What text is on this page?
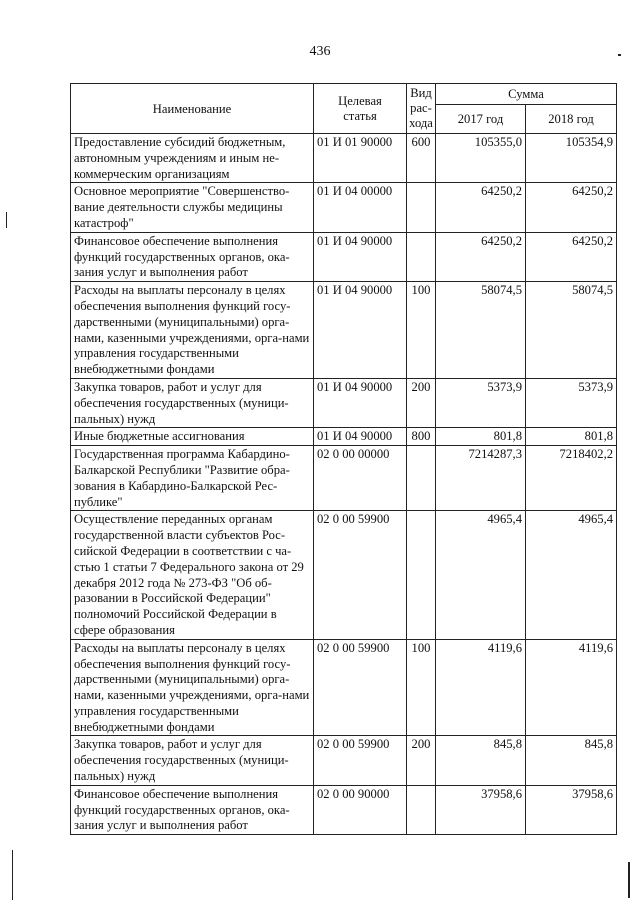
436
Наименование	Целевая статья	Вид рас-хода	Сумма	
			2017 год	2018 год
Предоставление субсидий бюджетным, автономным учреждениям и иным не-коммерческим организациям	01 И 01 90000	600	105355,0	105354,9
Основное мероприятие "Совершенство-вание деятельности службы медицины катастроф"	01 И 04 00000		64250,2	64250,2
Финансовое обеспечение выполнения функций государственных органов, ока-зания услуг и выполнения работ	01 И 04 90000		64250,2	64250,2
Расходы на выплаты персоналу в целях обеспечения выполнения функций госу-дарственными (муниципальными) орга-нами, казенными учреждениями, орга-нами управления государственными внебюджетными фондами	01 И 04 90000	100	58074,5	58074,5
Закупка товаров, работ и услуг для обеспечения государственных (муници-пальных) нужд	01 И 04 90000	200	5373,9	5373,9
Иные бюджетные ассигнования	01 И 04 90000	800	801,8	801,8
Государственная программа Кабардино-Балкарской Республики "Развитие обра-зования в Кабардино-Балкарской Рес-публике"	02 0 00 00000		7214287,3	7218402,2
Осуществление переданных органам государственной власти субъектов Рос-сийской Федерации в соответствии с ча-стью 1 статьи 7 Федерального закона от 29 декабря 2012 года № 273-ФЗ "Об об-разовании в Российской Федерации" полномочий Российской Федерации в сфере образования	02 0 00 59900		4965,4	4965,4
Расходы на выплаты персоналу в целях обеспечения выполнения функций госу-дарственными (муниципальными) орга-нами, казенными учреждениями, орга-нами управления государственными внебюджетными фондами	02 0 00 59900	100	4119,6	4119,6
Закупка товаров, работ и услуг для обеспечения государственных (муници-пальных) нужд	02 0 00 59900	200	845,8	845,8
Финансовое обеспечение выполнения функций государственных органов, ока-зания услуг и выполнения работ	02 0 00 90000		37958,6	37958,6
